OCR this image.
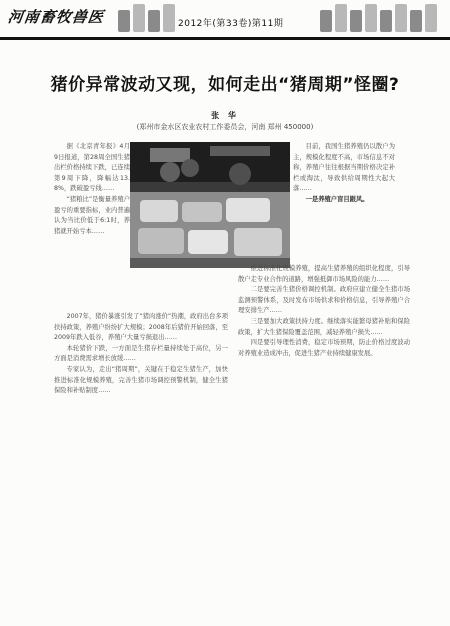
河南畜牧兽医	2012年(第33卷)第11期
猪价异常波动又现，如何走出“猪周期”怪圈?
张 华
(郑州市金水区农业农村工作委员会，河南 郑州 450000)

据《北京青年报》4月9日报道，第28周全国生猪出栏价格持续下跌，已连续第9周下降，降幅达13.8%，跌破盈亏线……

“猪粮比”是衡量养殖户盈亏的重要指标，业内普遍认为当比价低于6:1时，养猪就开始亏本……

目前，我国生猪养殖仍以散户为主，规模化程度不高，市场信息不对称，养殖户往往根据当期价格决定补栏或淘汰，导致供给周期性大起大落……

一是养殖户盲目跟风。

2007年，猪价暴涨引发了“猪肉涨价”热潮，政府出台多项扶持政策，养殖户纷纷扩大规模；2008年后猪价开始回落，至2009年跌入低谷，养殖户大量亏损退出……

本轮猪价下跌，一方面是生猪存栏量持续处于高位，另一方面是消费需求增长放缓……

专家认为，走出“猪周期”，关键在于稳定生猪生产，加快推进标准化规模养殖，完善生猪市场调控预警机制，健全生猪保险和补贴制度……

推进标准化规模养殖，提高生猪养殖的组织化程度，引导散户走专业合作的道路，增强抵御市场风险的能力……

二是要完善生猪价格调控机制。政府应建立健全生猪市场监测预警体系，及时发布市场供求和价格信息，引导养殖户合理安排生产……

三是要加大政策扶持力度。继续落实能繁母猪补贴和保险政策，扩大生猪保险覆盖范围，减轻养殖户损失……

四是要引导理性消费，稳定市场预期，防止价格过度波动对养殖业造成冲击，促进生猪产业持续健康发展。
